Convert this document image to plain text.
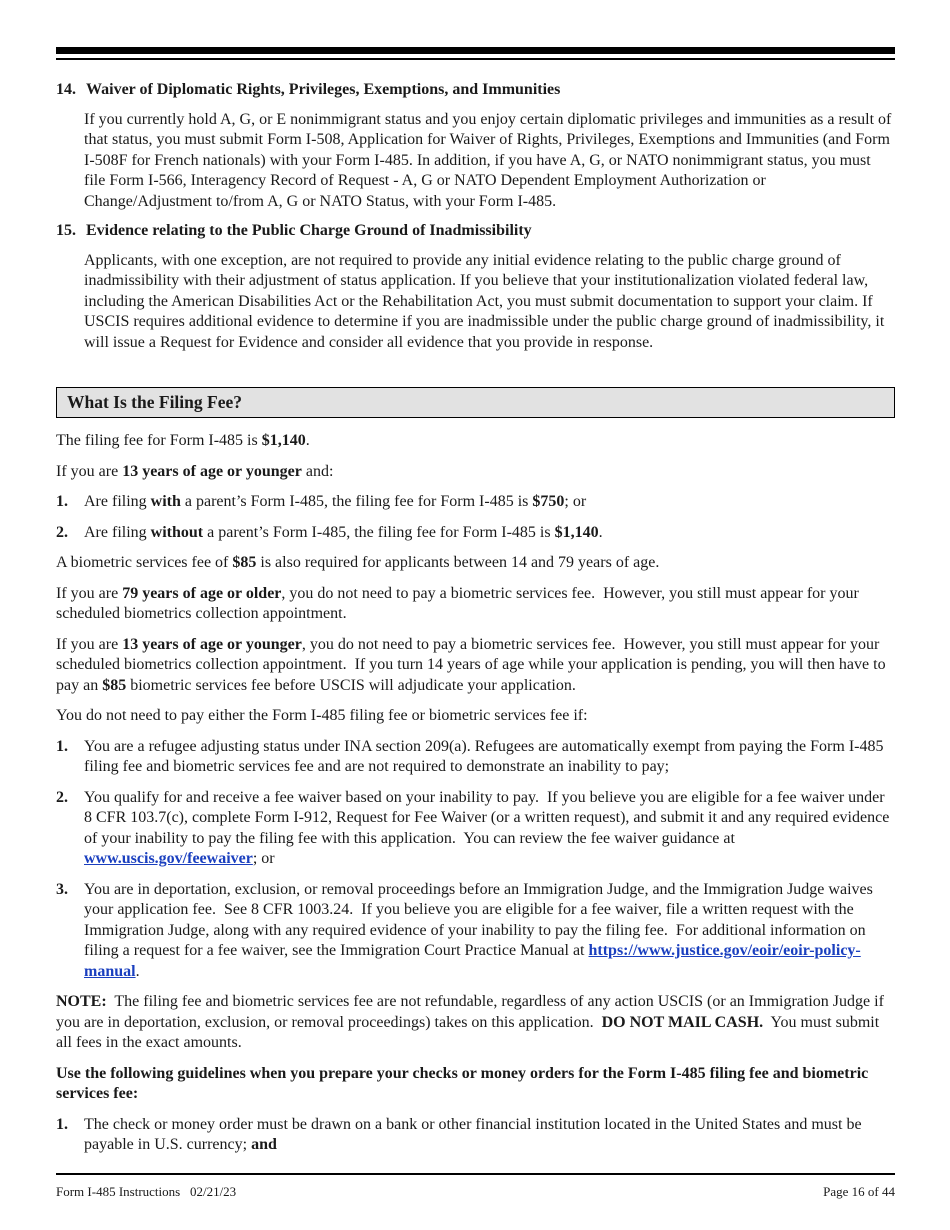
14. Waiver of Diplomatic Rights, Privileges, Exemptions, and Immunities

If you currently hold A, G, or E nonimmigrant status and you enjoy certain diplomatic privileges and immunities as a result of that status, you must submit Form I-508, Application for Waiver of Rights, Privileges, Exemptions and Immunities (and Form I-508F for French nationals) with your Form I-485. In addition, if you have A, G, or NATO nonimmigrant status, you must file Form I-566, Interagency Record of Request - A, G or NATO Dependent Employment Authorization or Change/Adjustment to/from A, G or NATO Status, with your Form I-485.

15. Evidence relating to the Public Charge Ground of Inadmissibility

Applicants, with one exception, are not required to provide any initial evidence relating to the public charge ground of inadmissibility with their adjustment of status application. If you believe that your institutionalization violated federal law, including the American Disabilities Act or the Rehabilitation Act, you must submit documentation to support your claim. If USCIS requires additional evidence to determine if you are inadmissible under the public charge ground of inadmissibility, it will issue a Request for Evidence and consider all evidence that you provide in response.

What Is the Filing Fee?

The filing fee for Form I-485 is $1,140.

If you are 13 years of age or younger and:

1.	Are filing with a parent’s Form I-485, the filing fee for Form I-485 is $750; or
2.	Are filing without a parent’s Form I-485, the filing fee for Form I-485 is $1,140.

A biometric services fee of $85 is also required for applicants between 14 and 79 years of age.

If you are 79 years of age or older, you do not need to pay a biometric services fee.  However, you still must appear for your scheduled biometrics collection appointment.

If you are 13 years of age or younger, you do not need to pay a biometric services fee.  However, you still must appear for your scheduled biometrics collection appointment.  If you turn 14 years of age while your application is pending, you will then have to pay an $85 biometric services fee before USCIS will adjudicate your application.

You do not need to pay either the Form I-485 filing fee or biometric services fee if:

1.	You are a refugee adjusting status under INA section 209(a). Refugees are automatically exempt from paying the Form I-485 filing fee and biometric services fee and are not required to demonstrate an inability to pay;
2.	You qualify for and receive a fee waiver based on your inability to pay.  If you believe you are eligible for a fee waiver under 8 CFR 103.7(c), complete Form I-912, Request for Fee Waiver (or a written request), and submit it and any required evidence of your inability to pay the filing fee with this application.  You can review the fee waiver guidance at www.uscis.gov/feewaiver; or
3.	You are in deportation, exclusion, or removal proceedings before an Immigration Judge, and the Immigration Judge waives your application fee.  See 8 CFR 1003.24.  If you believe you are eligible for a fee waiver, file a written request with the Immigration Judge, along with any required evidence of your inability to pay the filing fee.  For additional information on filing a request for a fee waiver, see the Immigration Court Practice Manual at https://www.justice.gov/eoir/eoir-policy-manual.

NOTE:  The filing fee and biometric services fee are not refundable, regardless of any action USCIS (or an Immigration Judge if you are in deportation, exclusion, or removal proceedings) takes on this application.  DO NOT MAIL CASH.  You must submit all fees in the exact amounts.

Use the following guidelines when you prepare your checks or money orders for the Form I-485 filing fee and biometric services fee:

1.	The check or money order must be drawn on a bank or other financial institution located in the United States and must be payable in U.S. currency; and
Form I-485 Instructions   02/21/23	Page 16 of 44
